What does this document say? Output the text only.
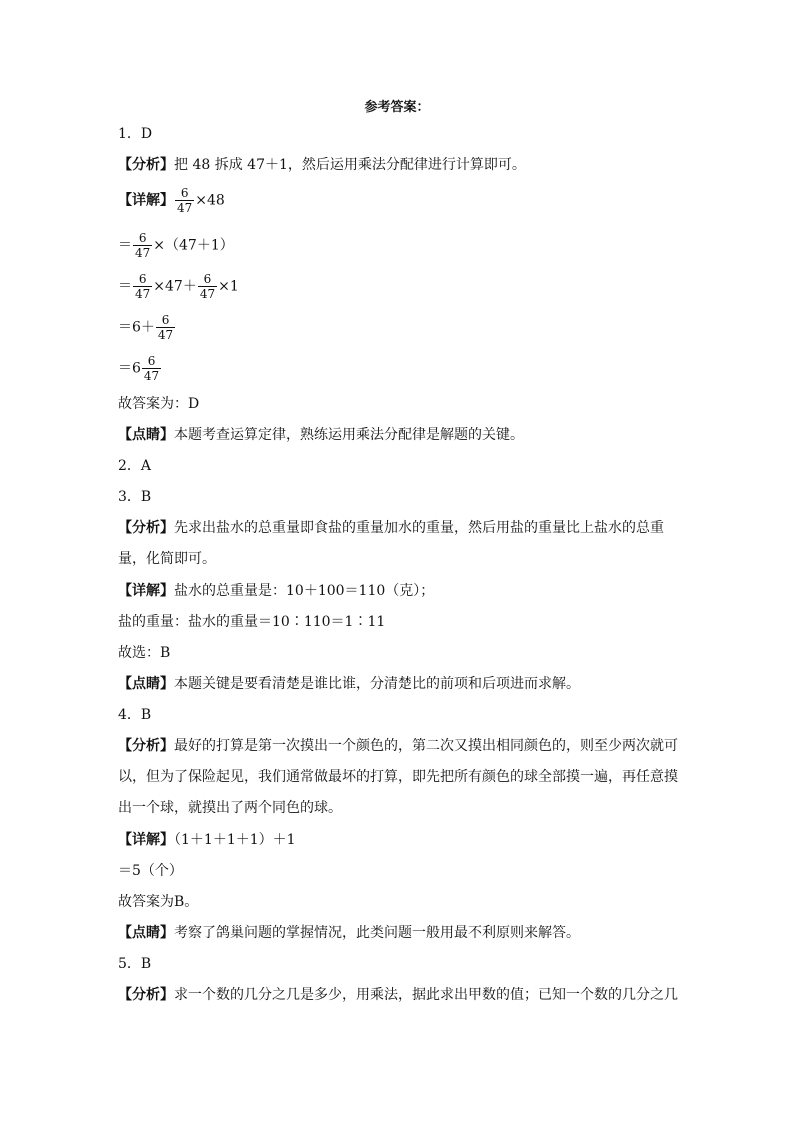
参考答案：
1．D
【分析】把 48 拆成 47＋1，然后运用乘法分配律进行计算即可。
【详解】 $\frac{6}{47} \times 48$
＝ $\frac{6}{47} \times(47+1)$
＝ $\frac{6}{47} \times 47+ \frac{6}{47} \times 1$
$=6+ \frac{6}{47}$
$=6 \frac{6}{47}$
故答案为：D
【点睛】本题考查运算定律，熟练运用乘法分配律是解题的关键。
2．A
3．B
【分析】先求出盐水的总重量即食盐的重量加水的重量，然后用盐的重量比上盐水的总重量，化简即可。
【详解】盐水的总重量是：10＋100＝110（克）；
盐的重量：盐水的重量＝10∶110＝1∶11
故选：B
【点睛】本题关键是要看清楚是谁比谁，分清楚比的前项和后项进而求解。
4．B
【分析】最好的打算是第一次摸出一个颜色的，第二次又摸出相同颜色的，则至少两次就可以，但为了保险起见，我们通常做最坏的打算，即先把所有颜色的球全部摸一遍，再任意摸出一个球，就摸出了两个同色的球。
【详解】（1＋1＋1＋1）＋1
＝5（个）
故答案为B。
【点睛】考察了鸽巢问题的掌握情况，此类问题一般用最不利原则来解答。
5．B
【分析】求一个数的几分之几是多少，用乘法，据此求出甲数的值；已知一个数的几分之几
